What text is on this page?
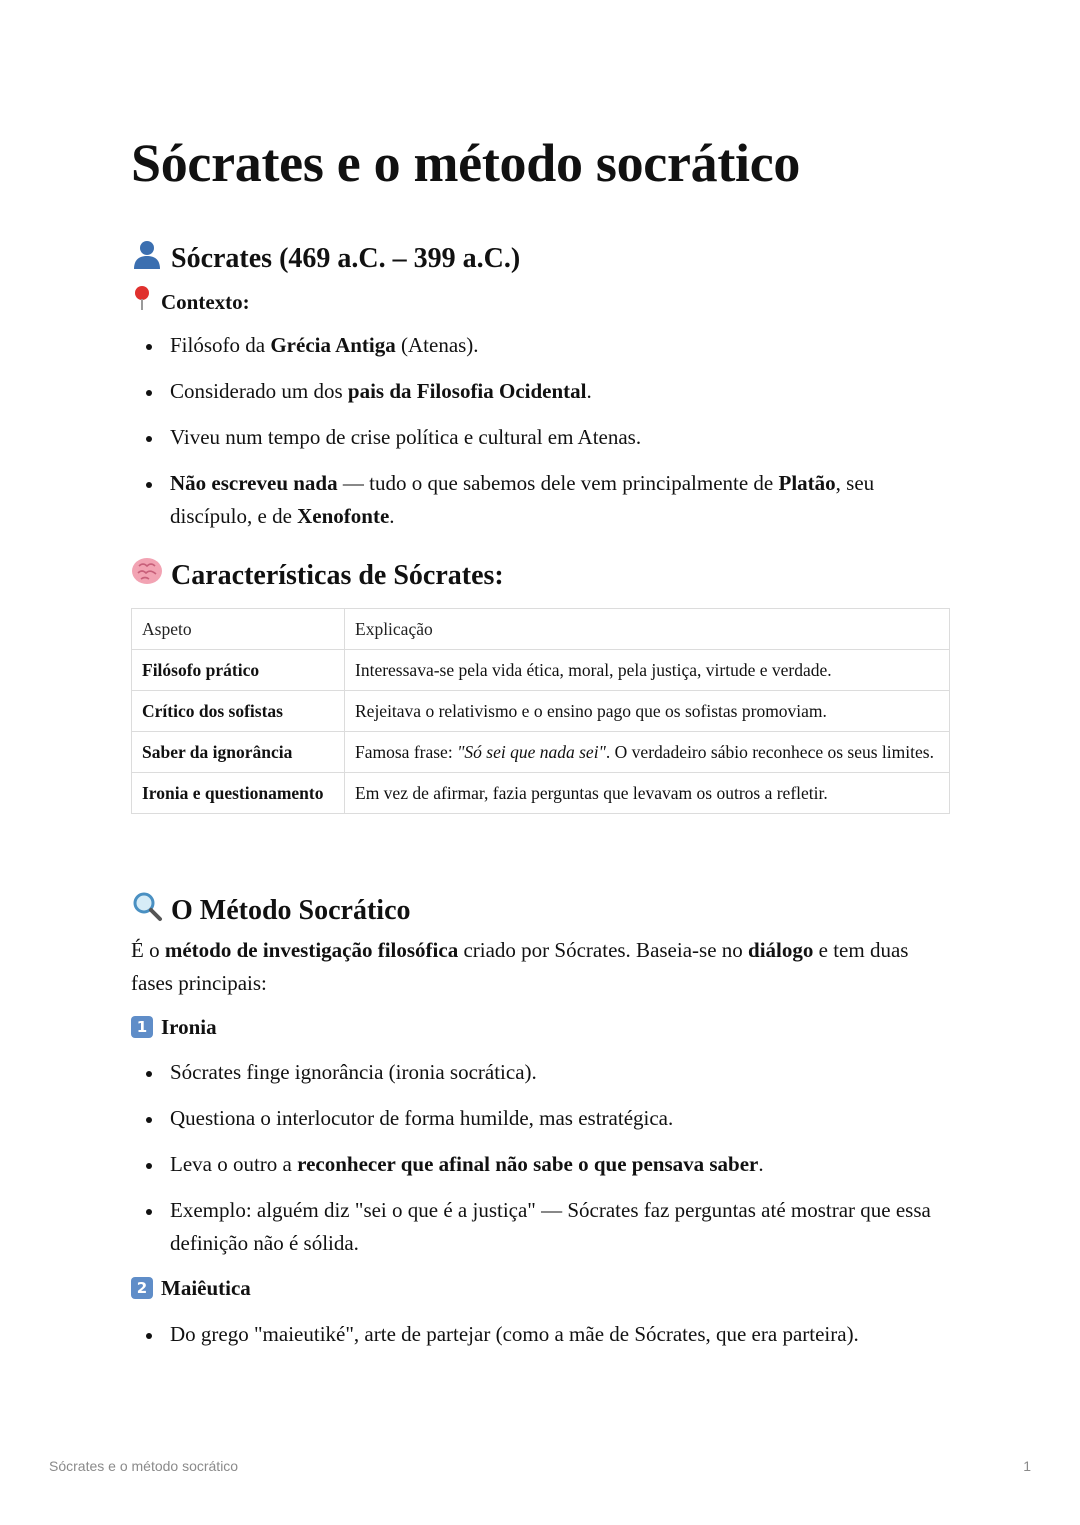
Sócrates e o método socrático
Sócrates (469 a.C. – 399 a.C.)
Contexto:
Filósofo da Grécia Antiga (Atenas).
Considerado um dos pais da Filosofia Ocidental.
Viveu num tempo de crise política e cultural em Atenas.
Não escreveu nada — tudo o que sabemos dele vem principalmente de Platão, seu discípulo, e de Xenofonte.
Características de Sócrates:
Aspeto	Explicação
Filósofo prático	Interessava-se pela vida ética, moral, pela justiça, virtude e verdade.
Crítico dos sofistas	Rejeitava o relativismo e o ensino pago que os sofistas promoviam.
Saber da ignorância	Famosa frase: "Só sei que nada sei". O verdadeiro sábio reconhece os seus limites.
Ironia e questionamento	Em vez de afirmar, fazia perguntas que levavam os outros a refletir.
O Método Socrático

É o método de investigação filosófica criado por Sócrates. Baseia-se no diálogo e tem duas fases principais:

1 Ironia
Sócrates finge ignorância (ironia socrática).
Questiona o interlocutor de forma humilde, mas estratégica.
Leva o outro a reconhecer que afinal não sabe o que pensava saber.
Exemplo: alguém diz "sei o que é a justiça" — Sócrates faz perguntas até mostrar que essa definição não é sólida.
2 Maiêutica
Do grego "maieutiké", arte de partejar (como a mãe de Sócrates, que era parteira).
Sócrates e o método socrático	1
